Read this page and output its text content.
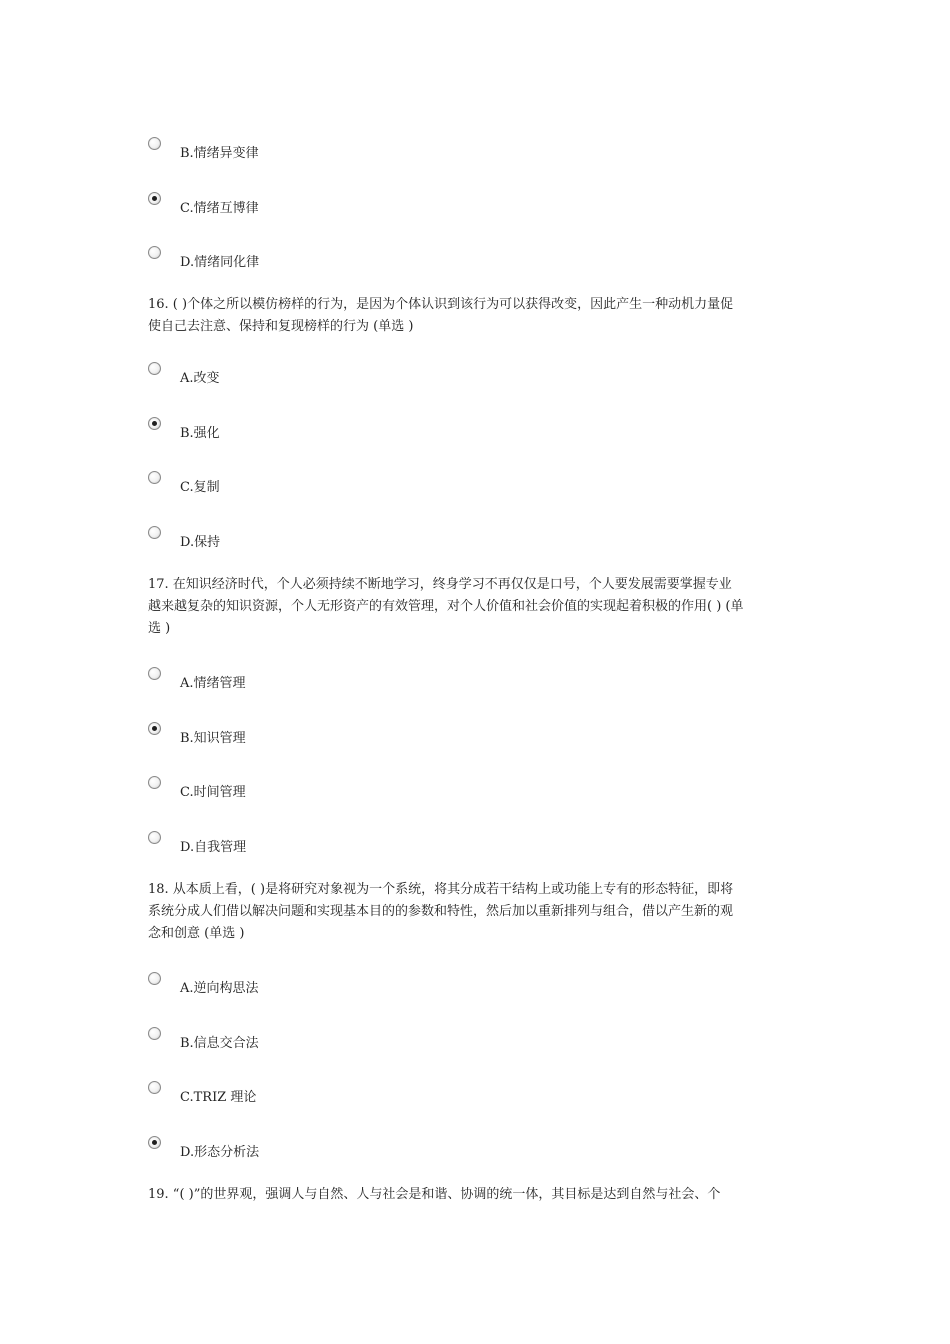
B.情绪异变律
C.情绪互博律
D.情绪同化律
16. ( )个体之所以模仿榜样的行为，是因为个体认识到该行为可以获得改变，因此产生一种动机力量促
使自己去注意、保持和复现榜样的行为 (单选 )
A.改变
B.强化
C.复制
D.保持
17. 在知识经济时代，个人必须持续不断地学习，终身学习不再仅仅是口号，个人要发展需要掌握专业
越来越复杂的知识资源，个人无形资产的有效管理，对个人价值和社会价值的实现起着积极的作用( ) (单
选 )
A.情绪管理
B.知识管理
C.时间管理
D.自我管理
18. 从本质上看，( )是将研究对象视为一个系统，将其分成若干结构上或功能上专有的形态特征，即将
系统分成人们借以解决问题和实现基本目的的参数和特性，然后加以重新排列与组合，借以产生新的观
念和创意 (单选 )
A.逆向构思法
B.信息交合法
C.TRIZ 理论
D.形态分析法
19. “( )”的世界观，强调人与自然、人与社会是和谐、协调的统一体，其目标是达到自然与社会、个
